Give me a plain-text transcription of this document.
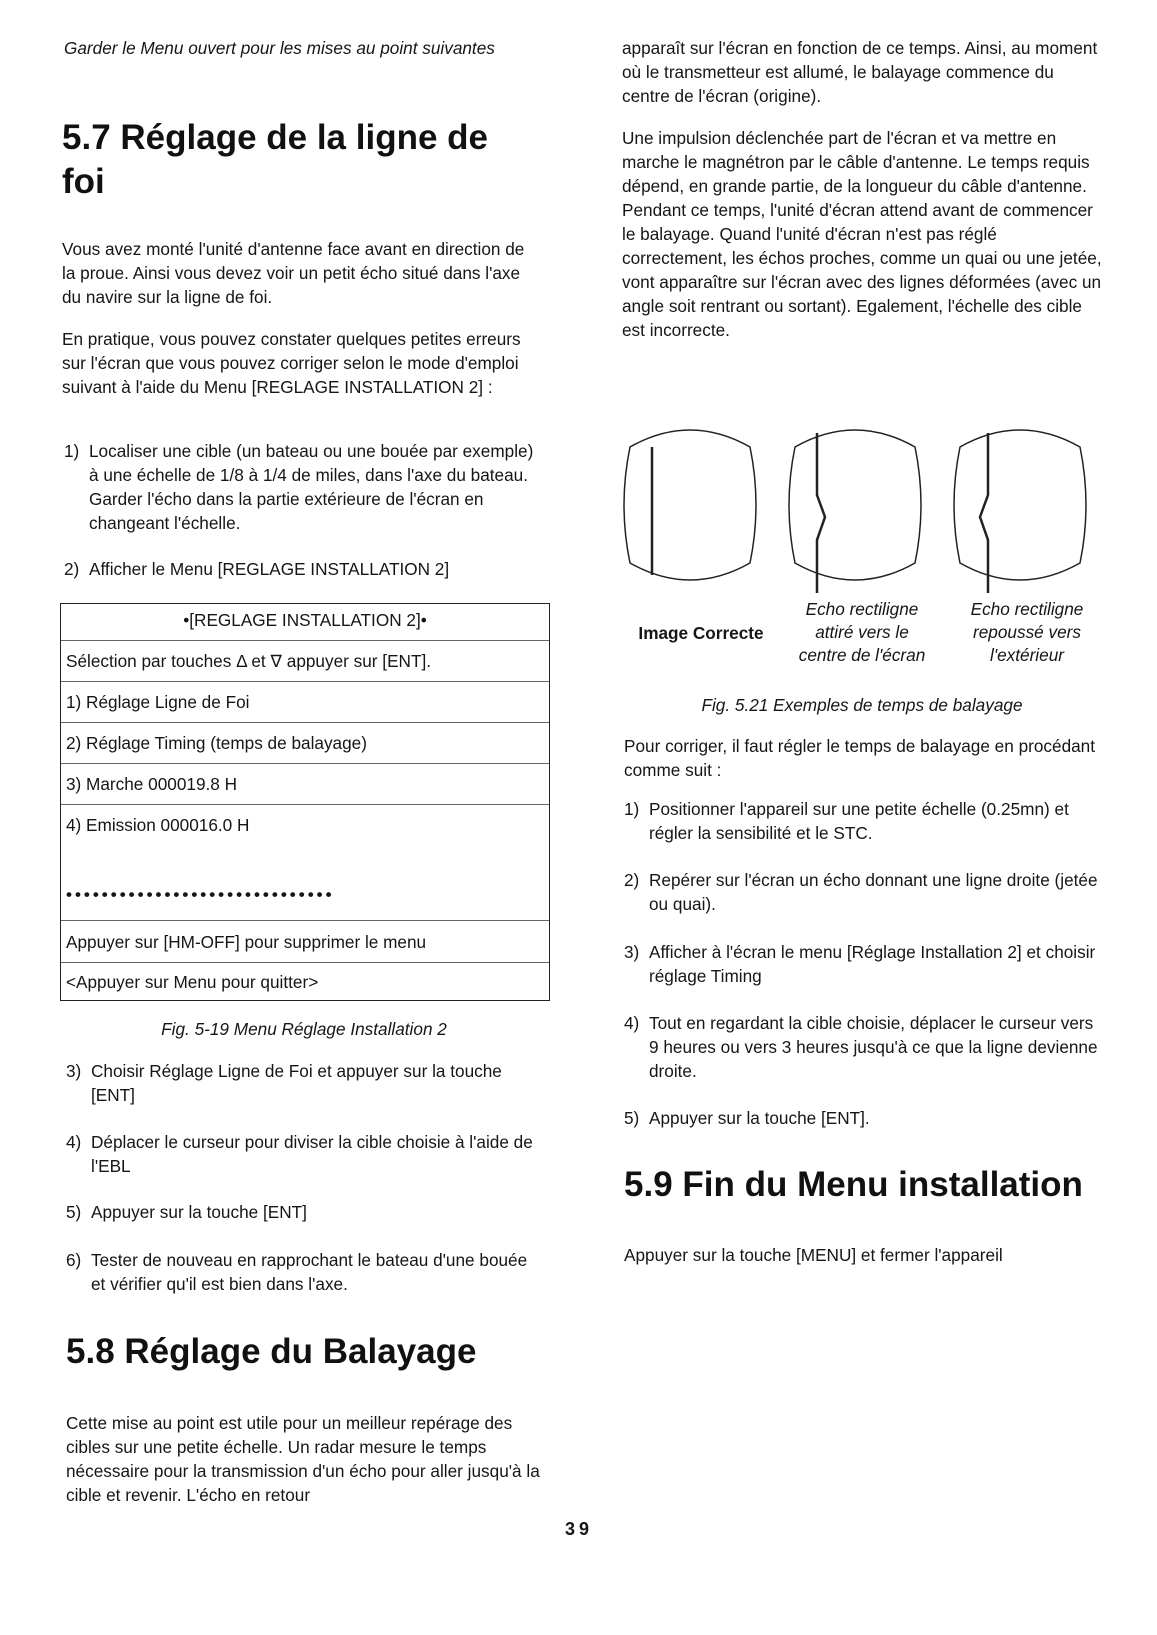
Garder le Menu ouvert pour les mises au point suivantes

5.7 Réglage de la ligne de foi

Vous avez monté l'unité d'antenne face avant en direction de la proue. Ainsi vous devez voir un petit écho situé dans l'axe du navire sur la ligne de foi.

En pratique, vous pouvez constater quelques petites erreurs sur l'écran que vous pouvez corriger selon le mode d'emploi suivant à l'aide du Menu [REGLAGE INSTALLATION 2] :

1) Localiser une cible (un bateau ou une bouée par exemple) à une échelle de 1/8 à 1/4 de miles, dans l'axe du bateau. Garder l'écho dans la partie extérieure de l'écran en changeant l'échelle.
2) Afficher le Menu [REGLAGE INSTALLATION 2]
•[REGLAGE INSTALLATION 2]•
Sélection par touches Δ et ∇ appuyer sur [ENT].
1) Réglage Ligne de Foi
2) Réglage Timing (temps de balayage)
3) Marche 000019.8 H
4) Emission 000016.0 H
••••••••••••••••••••••••••••••
Appuyer sur [HM-OFF] pour supprimer le menu
<Appuyer sur Menu pour quitter>
Fig. 5-19 Menu Réglage Installation 2
3) Choisir Réglage Ligne de Foi et appuyer sur la touche [ENT]
4) Déplacer le curseur pour diviser la cible choisie à l'aide de l'EBL
5) Appuyer sur la touche [ENT]
6) Tester de nouveau en rapprochant le bateau d'une bouée et vérifier qu'il est bien dans l'axe.
5.8 Réglage du Balayage

Cette mise au point est utile pour un meilleur repérage des cibles sur une petite échelle. Un radar mesure le temps nécessaire pour la transmission d'un écho pour aller jusqu'à la cible et revenir. L'écho en retour

apparaît sur l'écran en fonction de ce temps. Ainsi, au moment où le transmetteur est allumé, le balayage commence du centre de l'écran (origine).

Une impulsion déclenchée part de l'écran et va mettre en marche le magnétron par le câble d'antenne. Le temps requis dépend, en grande partie, de la longueur du câble d'antenne. Pendant ce temps, l'unité d'écran attend avant de commencer le balayage. Quand l'unité d'écran n'est pas réglé correctement, les échos proches, comme un quai ou une jetée, vont apparaître sur l'écran avec des lignes déformées (avec un angle soit rentrant ou sortant). Egalement, l'échelle des cible est incorrecte.

Image Correcte
Echo rectiligne
attiré vers le
centre de l'écran
Echo rectiligne
repoussé vers
l'extérieur
Fig. 5.21 Exemples de temps de balayage

Pour corriger, il faut régler le temps de balayage en procédant comme suit :

1) Positionner l'appareil sur une petite échelle (0.25mn) et régler la sensibilité et le STC.
2) Repérer sur l'écran un écho donnant une ligne droite (jetée ou quai).
3) Afficher à l'écran le menu [Réglage Installation 2] et choisir réglage Timing
4) Tout en regardant la cible choisie, déplacer le curseur vers 9 heures ou vers 3 heures jusqu'à ce que la ligne devienne droite.
5) Appuyer sur la touche [ENT].
5.9 Fin du Menu installation

Appuyer sur la touche [MENU] et fermer l'appareil

39
